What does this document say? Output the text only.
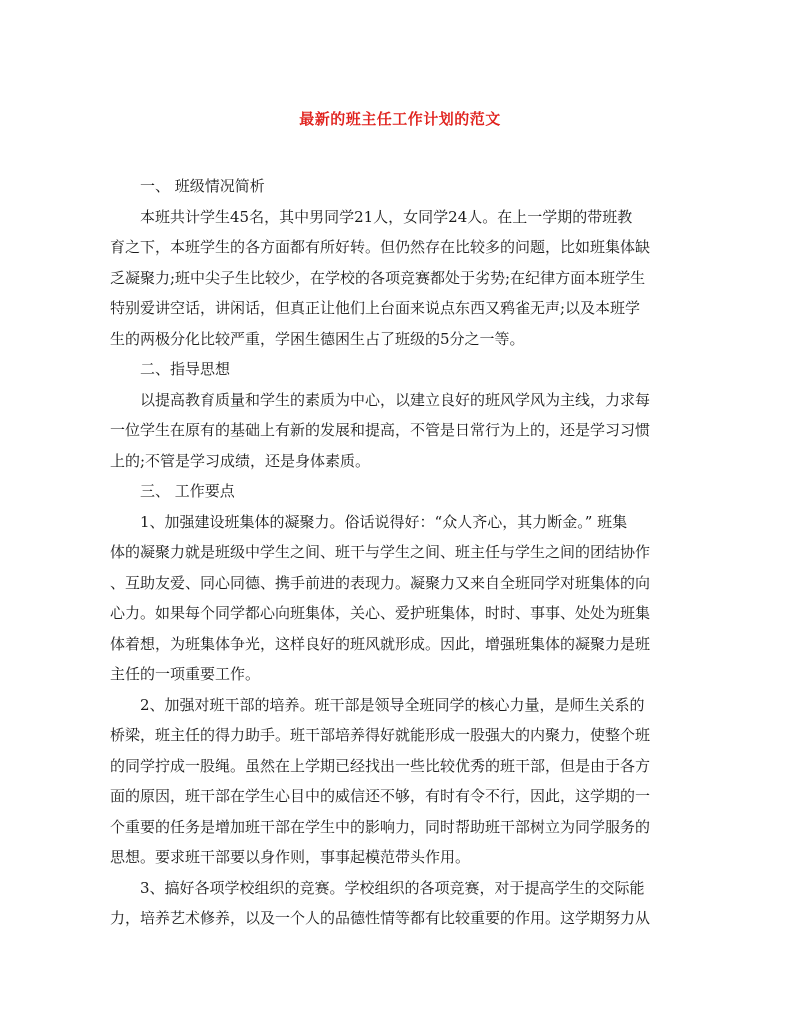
最新的班主任工作计划的范文
一、 班级情况简析
本班共计学生45名，其中男同学21人，女同学24人。在上一学期的带班教
育之下，本班学生的各方面都有所好转。但仍然存在比较多的问题，比如班集体缺
乏凝聚力;班中尖子生比较少，在学校的各项竞赛都处于劣势;在纪律方面本班学生
特别爱讲空话，讲闲话，但真正让他们上台面来说点东西又鸦雀无声;以及本班学
生的两极分化比较严重，学困生德困生占了班级的5分之一等。
二、指导思想
以提高教育质量和学生的素质为中心，以建立良好的班风学风为主线，力求每
一位学生在原有的基础上有新的发展和提高，不管是日常行为上的，还是学习习惯
上的;不管是学习成绩，还是身体素质。
三、 工作要点
1、加强建设班集体的凝聚力。俗话说得好：“众人齐心，其力断金。” 班集
体的凝聚力就是班级中学生之间、班干与学生之间、班主任与学生之间的团结协作
、互助友爱、同心同德、携手前进的表现力。凝聚力又来自全班同学对班集体的向
心力。如果每个同学都心向班集体，关心、爱护班集体，时时、事事、处处为班集
体着想，为班集体争光，这样良好的班风就形成。因此，增强班集体的凝聚力是班
主任的一项重要工作。
2、加强对班干部的培养。班干部是领导全班同学的核心力量，是师生关系的
桥梁，班主任的得力助手。班干部培养得好就能形成一股强大的内聚力，使整个班
的同学拧成一股绳。虽然在上学期已经找出一些比较优秀的班干部，但是由于各方
面的原因，班干部在学生心目中的威信还不够，有时有令不行，因此，这学期的一
个重要的任务是增加班干部在学生中的影响力，同时帮助班干部树立为同学服务的
思想。要求班干部要以身作则，事事起模范带头作用。
3、搞好各项学校组织的竞赛。学校组织的各项竞赛，对于提高学生的交际能
力，培养艺术修养，以及一个人的品德性情等都有比较重要的作用。这学期努力从
